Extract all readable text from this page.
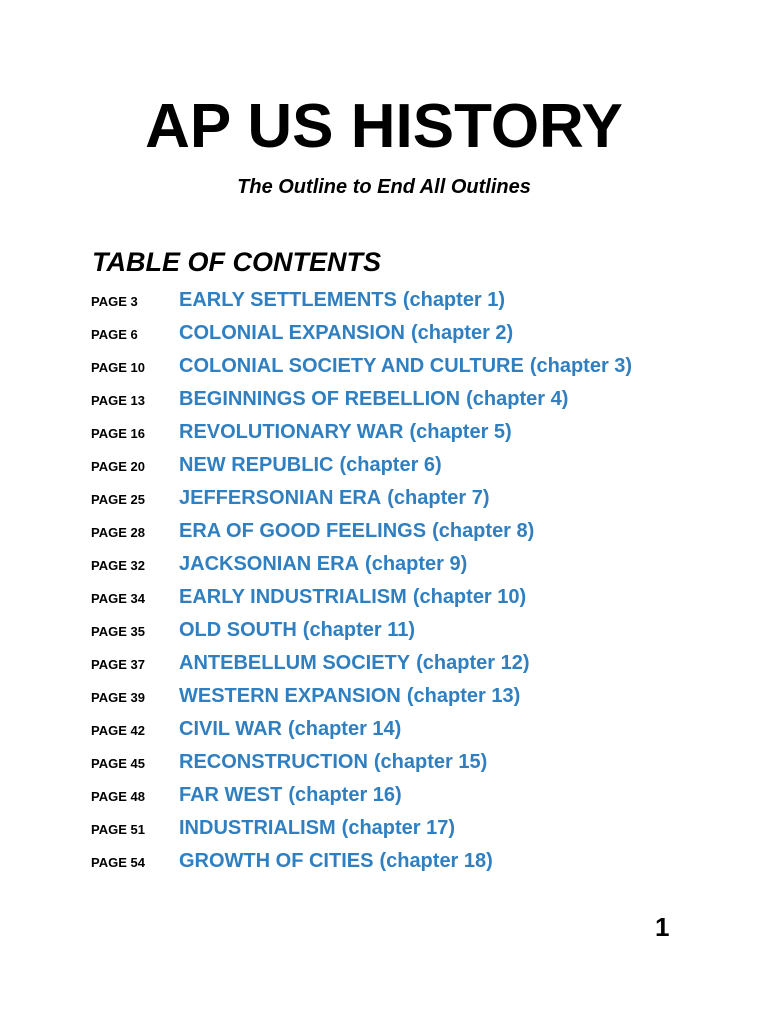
AP US HISTORY
The Outline to End All Outlines
TABLE OF CONTENTS
PAGE 3 EARLY SETTLEMENTS (chapter 1)
PAGE 6 COLONIAL EXPANSION (chapter 2)
PAGE 10 COLONIAL SOCIETY AND CULTURE (chapter 3)
PAGE 13 BEGINNINGS OF REBELLION (chapter 4)
PAGE 16 REVOLUTIONARY WAR (chapter 5)
PAGE 20 NEW REPUBLIC (chapter 6)
PAGE 25 JEFFERSONIAN ERA (chapter 7)
PAGE 28 ERA OF GOOD FEELINGS (chapter 8)
PAGE 32 JACKSONIAN ERA (chapter 9)
PAGE 34 EARLY INDUSTRIALISM (chapter 10)
PAGE 35 OLD SOUTH (chapter 11)
PAGE 37 ANTEBELLUM SOCIETY (chapter 12)
PAGE 39 WESTERN EXPANSION (chapter 13)
PAGE 42 CIVIL WAR (chapter 14)
PAGE 45 RECONSTRUCTION (chapter 15)
PAGE 48 FAR WEST (chapter 16)
PAGE 51 INDUSTRIALISM (chapter 17)
PAGE 54 GROWTH OF CITIES (chapter 18)
1
